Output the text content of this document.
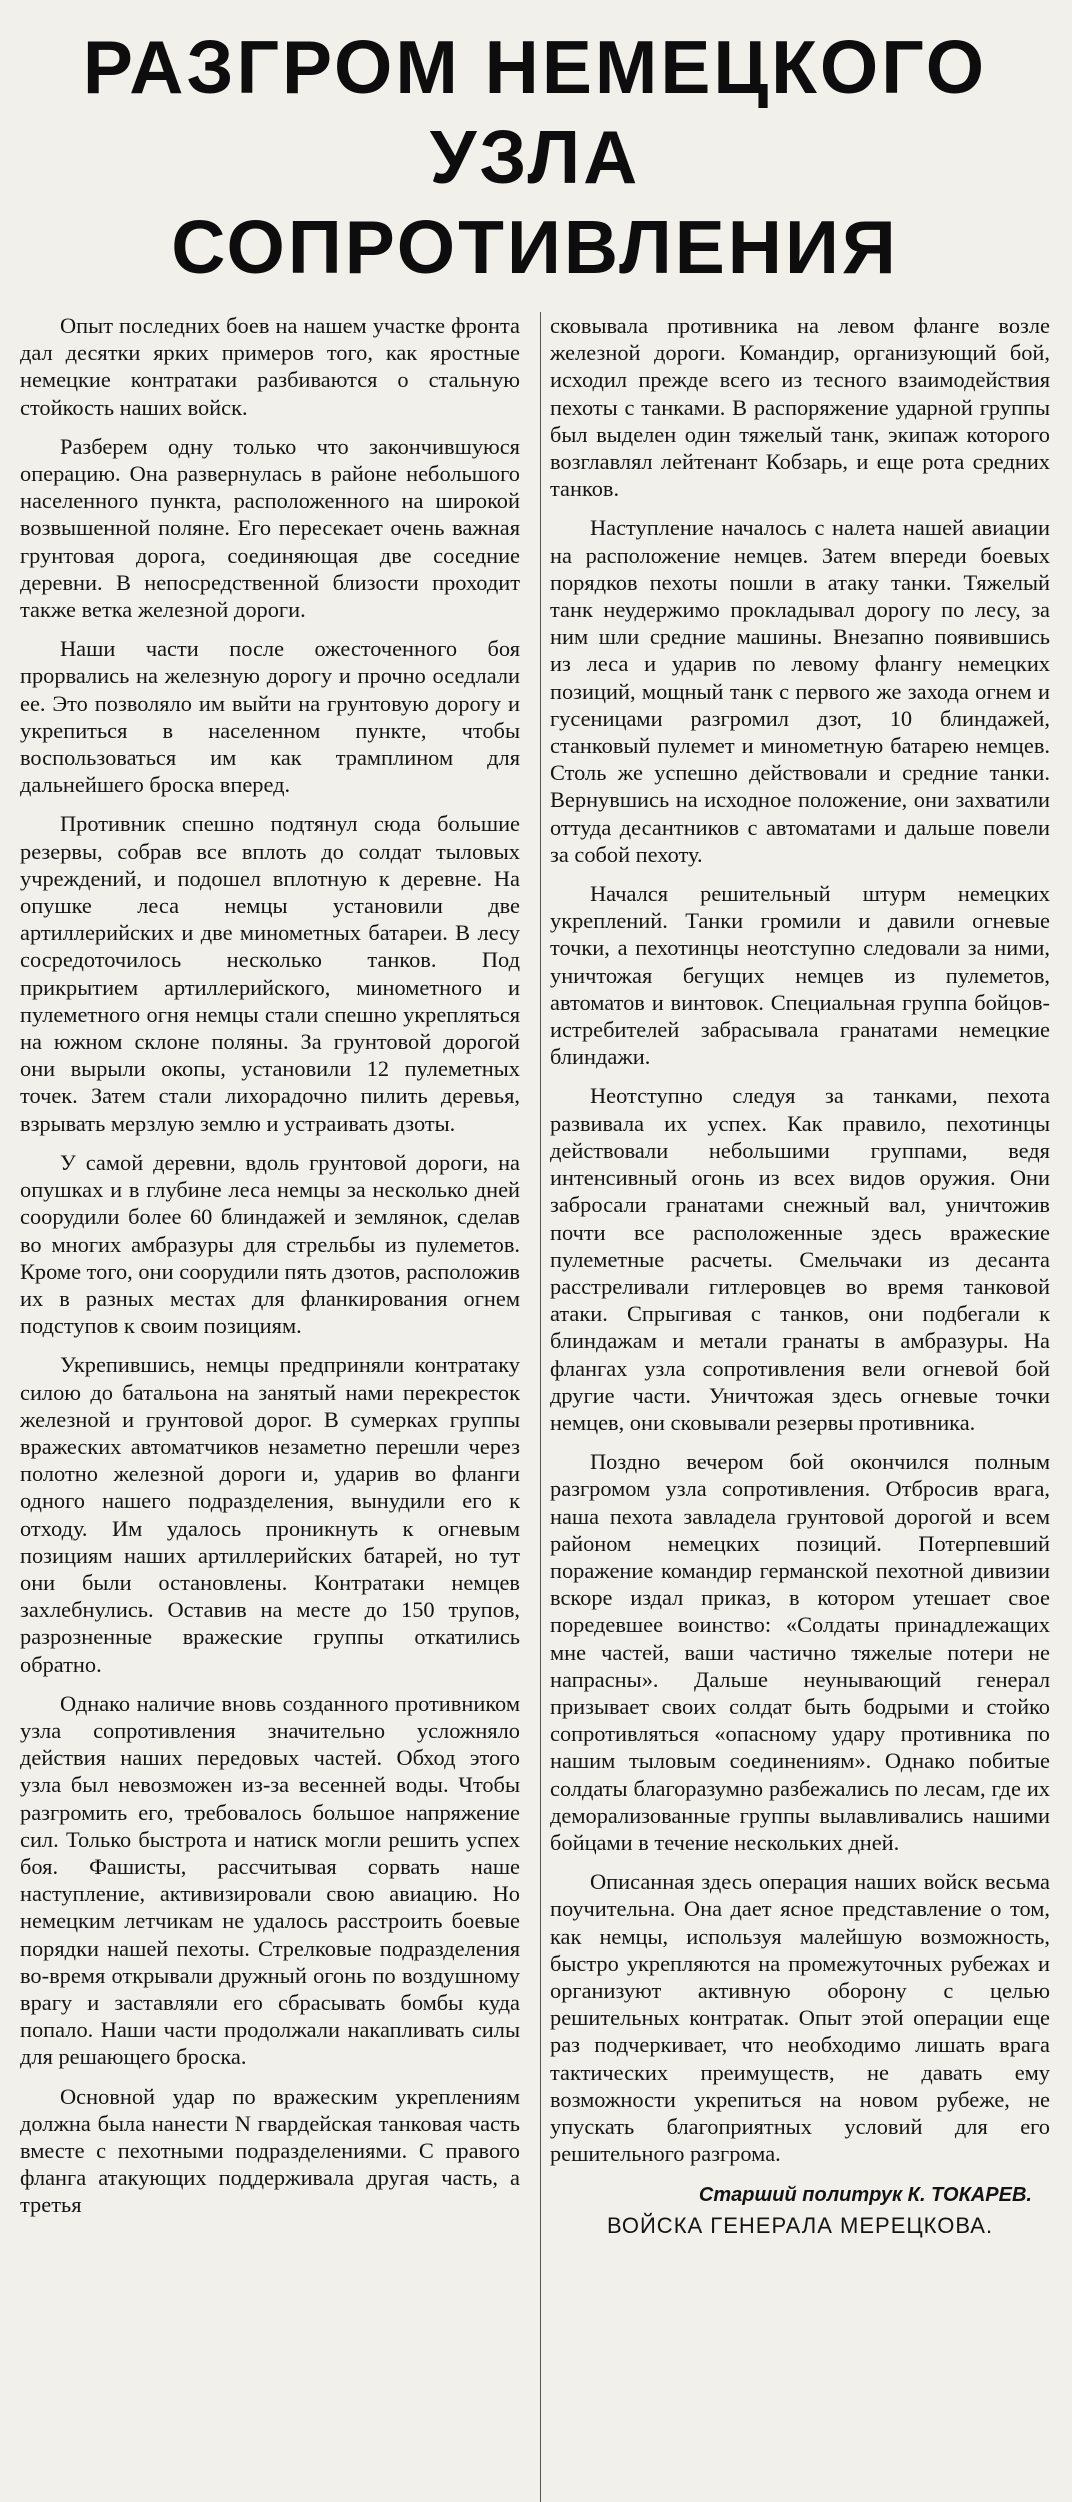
РАЗГРОМ НЕМЕЦКОГО УЗЛА
СОПРОТИВЛЕНИЯ

Опыт последних боев на нашем участке фронта дал десятки ярких примеров того, как яростные немецкие контратаки разбиваются о стальную стойкость наших войск.

Разберем одну только что закончившуюся операцию. Она развернулась в районе небольшого населенного пункта, расположенного на широкой возвышенной поляне. Его пересекает очень важная грунтовая дорога, соединяющая две соседние деревни. В непосредственной близости проходит также ветка железной дороги.

Наши части после ожесточенного боя прорвались на железную дорогу и прочно оседлали ее. Это позволяло им выйти на грунтовую дорогу и укрепиться в населенном пункте, чтобы воспользоваться им как трамплином для дальнейшего броска вперед.

Противник спешно подтянул сюда большие резервы, собрав все вплоть до солдат тыловых учреждений, и подошел вплотную к деревне. На опушке леса немцы установили две артиллерийских и две минометных батареи. В лесу сосредоточилось несколько танков. Под прикрытием артиллерийского, минометного и пулеметного огня немцы стали спешно укрепляться на южном склоне поляны. За грунтовой дорогой они вырыли окопы, установили 12 пулеметных точек. Затем стали лихорадочно пилить деревья, взрывать мерзлую землю и устраивать дзоты.

У самой деревни, вдоль грунтовой дороги, на опушках и в глубине леса немцы за несколько дней соорудили более 60 блиндажей и землянок, сделав во многих амбразуры для стрельбы из пулеметов. Кроме того, они соорудили пять дзотов, расположив их в разных местах для фланкирования огнем подступов к своим позициям.

Укрепившись, немцы предприняли контратаку силою до батальона на занятый нами перекресток железной и грунтовой дорог. В сумерках группы вражеских автоматчиков незаметно перешли через полотно железной дороги и, ударив во фланги одного нашего подразделения, вынудили его к отходу. Им удалось проникнуть к огневым позициям наших артиллерийских батарей, но тут они были остановлены. Контратаки немцев захлебнулись. Оставив на месте до 150 трупов, разрозненные вражеские группы откатились обратно.

Однако наличие вновь созданного противником узла сопротивления значительно усложняло действия наших передовых частей. Обход этого узла был невозможен из-за весенней воды. Чтобы разгромить его, требовалось большое напряжение сил. Только быстрота и натиск могли решить успех боя. Фашисты, рассчитывая сорвать наше наступление, активизировали свою авиацию. Но немецким летчикам не удалось расстроить боевые порядки нашей пехоты. Стрелковые подразделения во-время открывали дружный огонь по воздушному врагу и заставляли его сбрасывать бомбы куда попало. Наши части продолжали накапливать силы для решающего броска.

Основной удар по вражеским укреплениям должна была нанести N гвардейская танковая часть вместе с пехотными подразделениями. С правого фланга атакующих поддерживала другая часть, а третья

сковывала противника на левом фланге возле железной дороги. Командир, организующий бой, исходил прежде всего из тесного взаимодействия пехоты с танками. В распоряжение ударной группы был выделен один тяжелый танк, экипаж которого возглавлял лейтенант Кобзарь, и еще рота средних танков.

Наступление началось с налета нашей авиации на расположение немцев. Затем впереди боевых порядков пехоты пошли в атаку танки. Тяжелый танк неудержимо прокладывал дорогу по лесу, за ним шли средние машины. Внезапно появившись из леса и ударив по левому флангу немецких позиций, мощный танк с первого же захода огнем и гусеницами разгромил дзот, 10 блиндажей, станковый пулемет и минометную батарею немцев. Столь же успешно действовали и средние танки. Вернувшись на исходное положение, они захватили оттуда десантников с автоматами и дальше повели за собой пехоту.

Начался решительный штурм немецких укреплений. Танки громили и давили огневые точки, а пехотинцы неотступно следовали за ними, уничтожая бегущих немцев из пулеметов, автоматов и винтовок. Специальная группа бойцов-истребителей забрасывала гранатами немецкие блиндажи.

Неотступно следуя за танками, пехота развивала их успех. Как правило, пехотинцы действовали небольшими группами, ведя интенсивный огонь из всех видов оружия. Они забросали гранатами снежный вал, уничтожив почти все расположенные здесь вражеские пулеметные расчеты. Смельчаки из десанта расстреливали гитлеровцев во время танковой атаки. Спрыгивая с танков, они подбегали к блиндажам и метали гранаты в амбразуры. На флангах узла сопротивления вели огневой бой другие части. Уничтожая здесь огневые точки немцев, они сковывали резервы противника.

Поздно вечером бой окончился полным разгромом узла сопротивления. Отбросив врага, наша пехота завладела грунтовой дорогой и всем районом немецких позиций. Потерпевший поражение командир германской пехотной дивизии вскоре издал приказ, в котором утешает свое поредевшее воинство: «Солдаты принадлежащих мне частей, ваши частично тяжелые потери не напрасны». Дальше неунывающий генерал призывает своих солдат быть бодрыми и стойко сопротивляться «опасному удару противника по нашим тыловым соединениям». Однако побитые солдаты благоразумно разбежались по лесам, где их деморализованные группы вылавливались нашими бойцами в течение нескольких дней.

Описанная здесь операция наших войск весьма поучительна. Она дает ясное представление о том, как немцы, используя малейшую возможность, быстро укрепляются на промежуточных рубежах и организуют активную оборону с целью решительных контратак. Опыт этой операции еще раз подчеркивает, что необходимо лишать врага тактических преимуществ, не давать ему возможности укрепиться на новом рубеже, не упускать благоприятных условий для его решительного разгрома.

Старший политрук К. ТОКАРЕВ.
ВОЙСКА ГЕНЕРАЛА МЕРЕЦКОВА.
